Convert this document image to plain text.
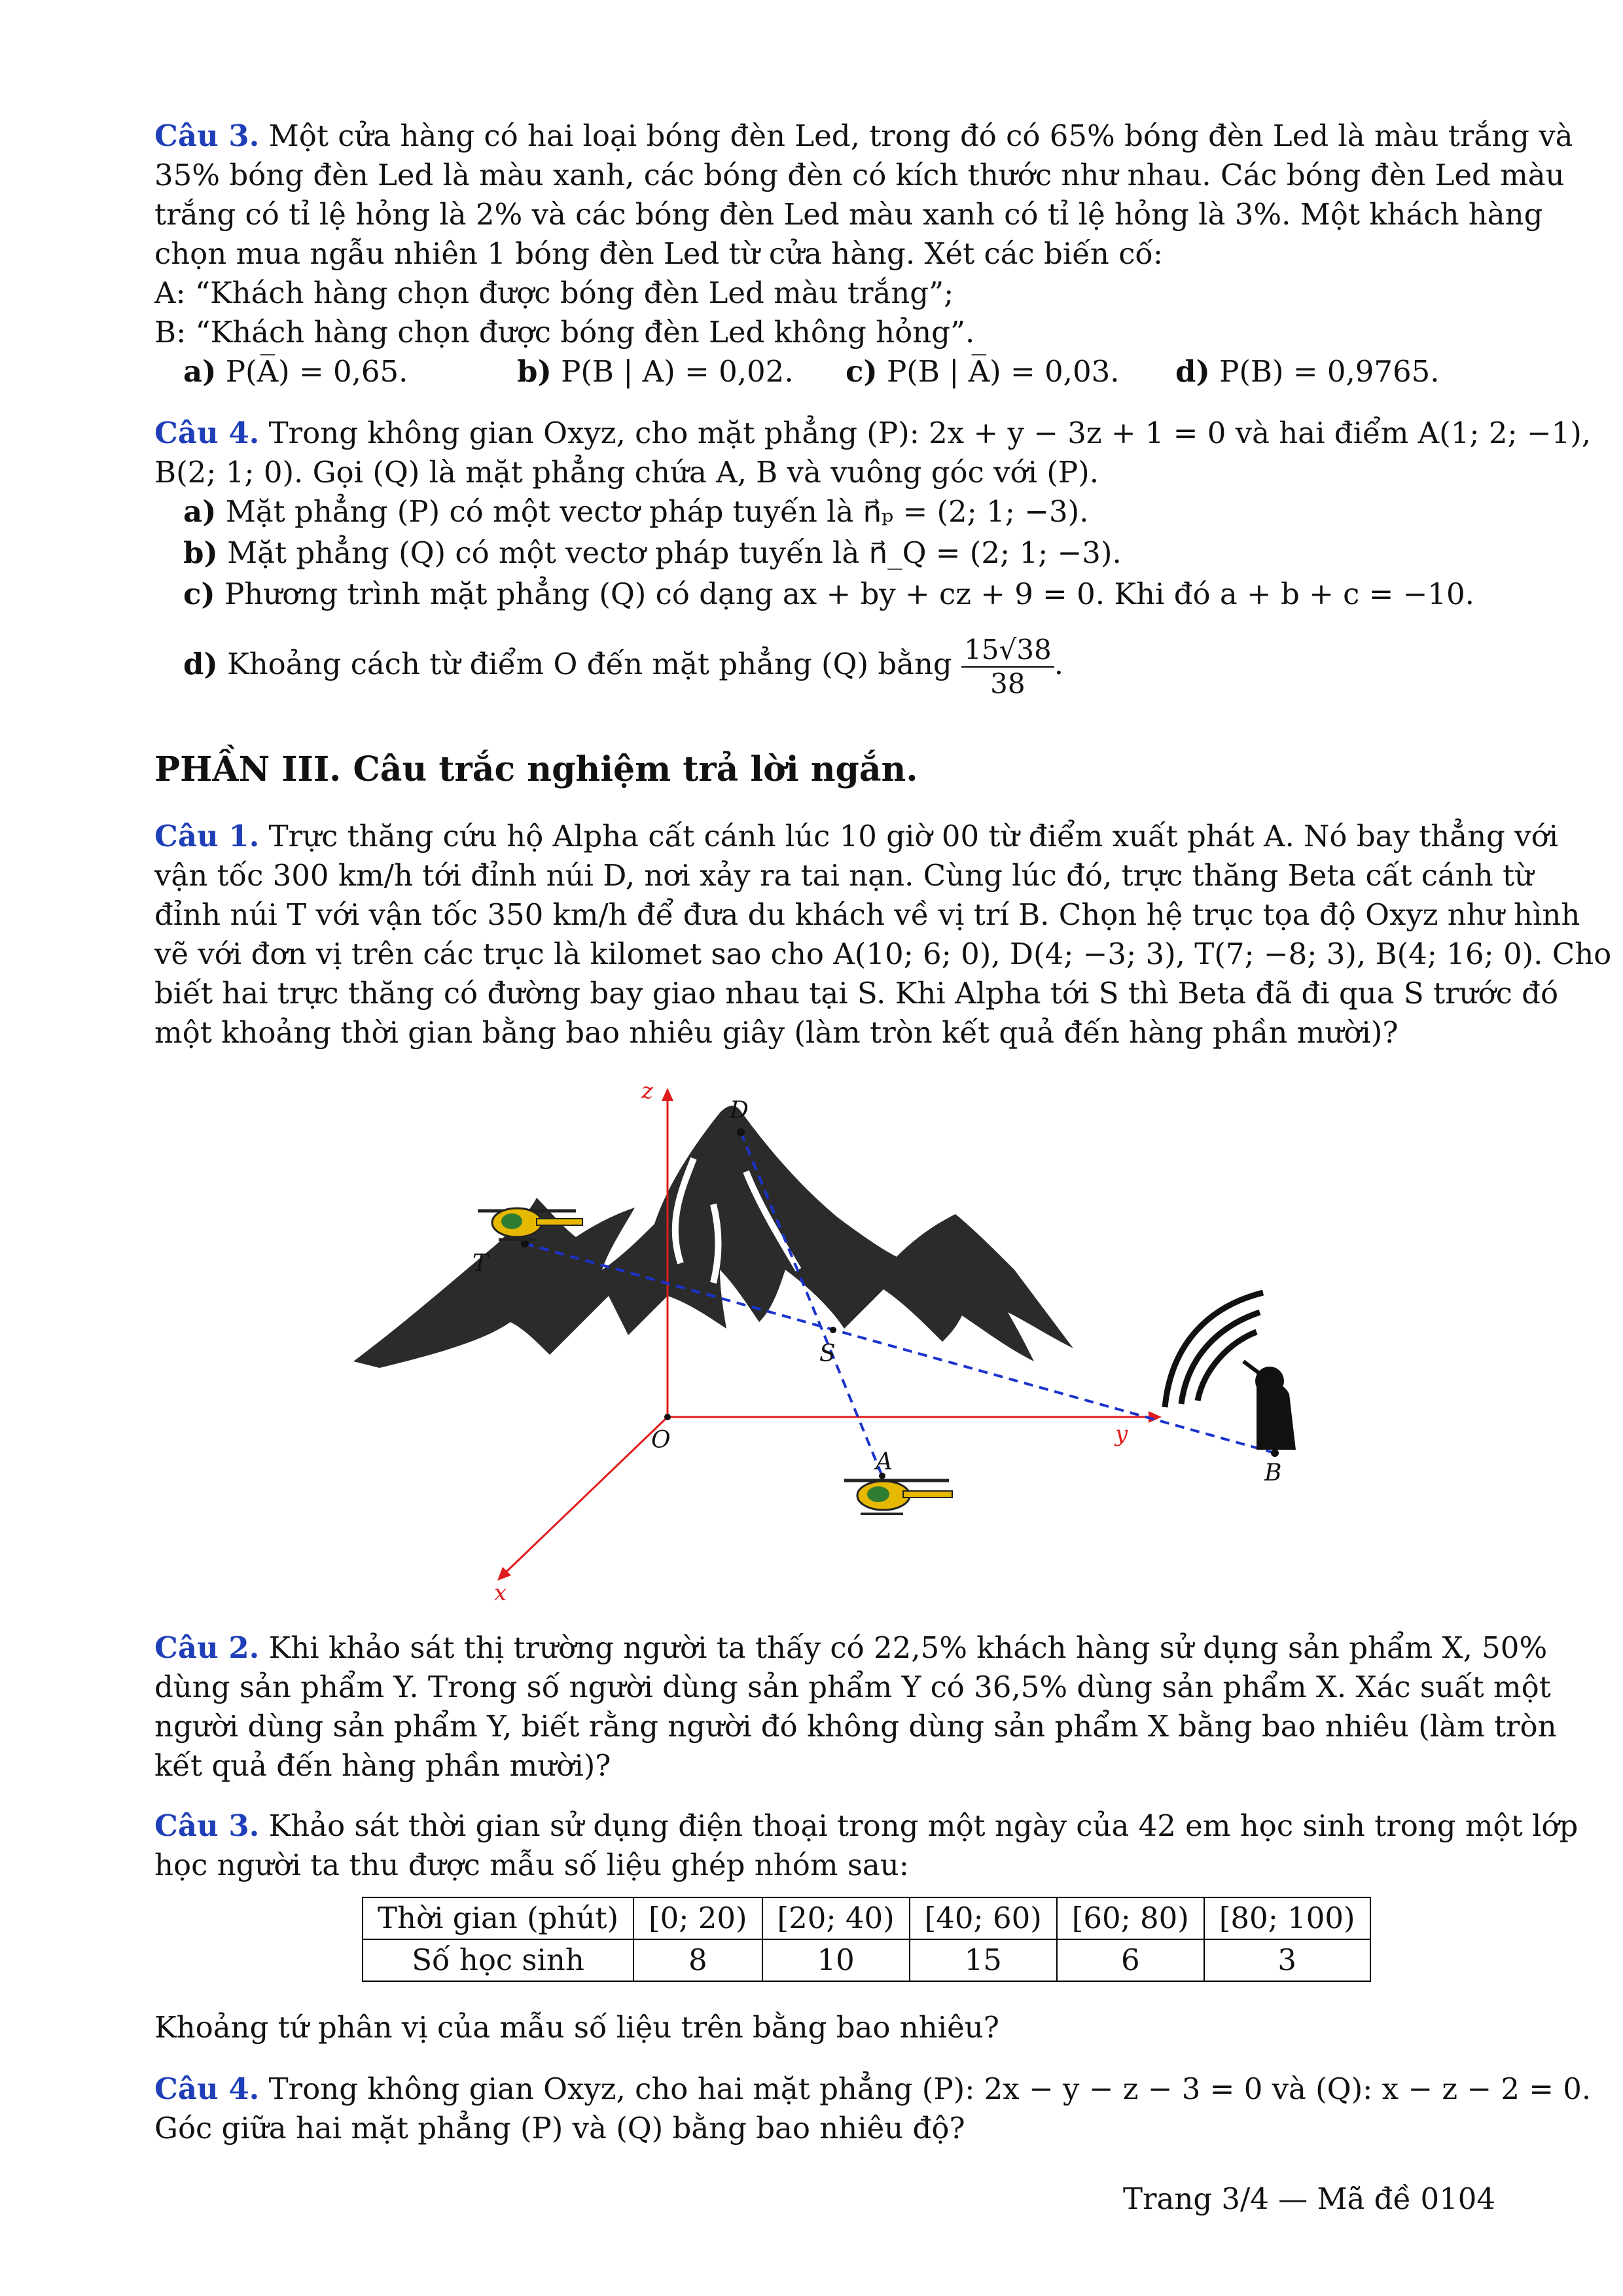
Câu 3. Một cửa hàng có hai loại bóng đèn Led, trong đó có 65% bóng đèn Led là màu trắng và
35% bóng đèn Led là màu xanh, các bóng đèn có kích thước như nhau. Các bóng đèn Led màu
trắng có tỉ lệ hỏng là 2% và các bóng đèn Led màu xanh có tỉ lệ hỏng là 3%. Một khách hàng
chọn mua ngẫu nhiên 1 bóng đèn Led từ cửa hàng. Xét các biến cố:
A: “Khách hàng chọn được bóng đèn Led màu trắng”;
B: “Khách hàng chọn được bóng đèn Led không hỏng”.
a) P(A̅) = 0,65.	b) P(B | A) = 0,02. c) P(B | A̅) = 0,03. d) P(B) = 0,9765.
Câu 4. Trong không gian Oxyz, cho mặt phẳng (P): 2x + y − 3z + 1 = 0 và hai điểm A(1; 2; −1),
B(2; 1; 0). Gọi (Q) là mặt phẳng chứa A, B và vuông góc với (P).
a) Mặt phẳng (P) có một vectơ pháp tuyến là n⃗ₚ = (2; 1; −3).
b) Mặt phẳng (Q) có một vectơ pháp tuyến là n⃗_Q = (2; 1; −3).
c) Phương trình mặt phẳng (Q) có dạng ax + by + cz + 9 = 0. Khi đó a + b + c = −10.
d) Khoảng cách từ điểm O đến mặt phẳng (Q) bằng $\frac{15√38}{38}$ .
PHẦN III. Câu trắc nghiệm trả lời ngắn.
Câu 1. Trực thăng cứu hộ Alpha cất cánh lúc 10 giờ 00 từ điểm xuất phát A. Nó bay thẳng với
vận tốc 300 km/h tới đỉnh núi D, nơi xảy ra tai nạn. Cùng lúc đó, trực thăng Beta cất cánh từ
đỉnh núi T với vận tốc 350 km/h để đưa du khách về vị trí B. Chọn hệ trục tọa độ Oxyz như hình
vẽ với đơn vị trên các trục là kilomet sao cho A(10; 6; 0), D(4; −3; 3), T(7; −8; 3), B(4; 16; 0). Cho
biết hai trực thăng có đường bay giao nhau tại S. Khi Alpha tới S thì Beta đã đi qua S trước đó
một khoảng thời gian bằng bao nhiêu giây (làm tròn kết quả đến hàng phần mười)?
z
D
T
S
O	y
A	B
x
Câu 2. Khi khảo sát thị trường người ta thấy có 22,5% khách hàng sử dụng sản phẩm X, 50%
dùng sản phẩm Y. Trong số người dùng sản phẩm Y có 36,5% dùng sản phẩm X. Xác suất một
người dùng sản phẩm Y, biết rằng người đó không dùng sản phẩm X bằng bao nhiêu (làm tròn
kết quả đến hàng phần mười)?
Câu 3. Khảo sát thời gian sử dụng điện thoại trong một ngày của 42 em học sinh trong một lớp
học người ta thu được mẫu số liệu ghép nhóm sau:
Thời gian (phút)	[0; 20)	[20; 40)	[40; 60)	[60; 80)	[80; 100)
Số học sinh	8	10	15	6	3
Khoảng tứ phân vị của mẫu số liệu trên bằng bao nhiêu?
Câu 4. Trong không gian Oxyz, cho hai mặt phẳng (P): 2x − y − z − 3 = 0 và (Q): x − z − 2 = 0.
Góc giữa hai mặt phẳng (P) và (Q) bằng bao nhiêu độ?
Trang 3/4 — Mã đề 0104
